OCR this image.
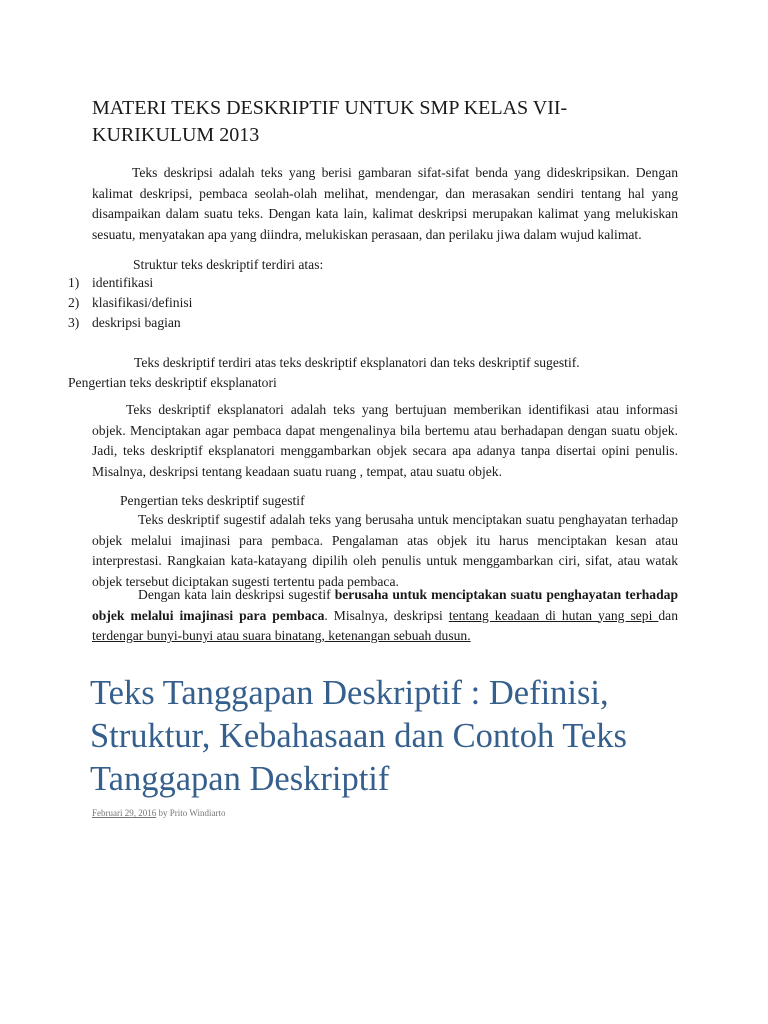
MATERI TEKS DESKRIPTIF UNTUK SMP KELAS VII-KURIKULUM 2013

Teks deskripsi adalah teks yang berisi gambaran sifat-sifat benda yang dideskripsikan. Dengan kalimat deskripsi, pembaca seolah-olah melihat, mendengar, dan merasakan sendiri tentang hal yang disampaikan dalam suatu teks. Dengan kata lain, kalimat deskripsi merupakan kalimat yang melukiskan sesuatu, menyatakan apa yang diindra, melukiskan perasaan, dan perilaku jiwa dalam wujud kalimat.

Struktur teks deskriptif terdiri atas:

1) identifikasi
2) klasifikasi/definisi
3) deskripsi bagian

Teks deskriptif terdiri atas teks deskriptif eksplanatori dan teks deskriptif sugestif.

Pengertian teks deskriptif eksplanatori

Teks deskriptif eksplanatori adalah teks yang bertujuan memberikan identifikasi atau informasi objek. Menciptakan agar pembaca dapat mengenalinya bila bertemu atau berhadapan dengan suatu objek. Jadi, teks deskriptif eksplanatori menggambarkan objek secara apa adanya tanpa disertai opini penulis. Misalnya, deskripsi tentang keadaan suatu ruang , tempat, atau suatu objek.

Pengertian teks deskriptif sugestif

Teks deskriptif sugestif adalah teks yang berusaha untuk menciptakan suatu penghayatan terhadap objek melalui imajinasi para pembaca. Pengalaman atas objek itu harus menciptakan kesan atau interprestasi. Rangkaian kata-katayang dipilih oleh penulis untuk menggambarkan ciri, sifat, atau watak objek tersebut diciptakan sugesti tertentu pada pembaca.

Dengan kata lain deskripsi sugestif berusaha untuk menciptakan suatu penghayatan terhadap objek melalui imajinasi para pembaca. Misalnya, deskripsi tentang keadaan di hutan yang sepi dan terdengar bunyi-bunyi atau suara binatang, ketenangan sebuah dusun.

Teks Tanggapan Deskriptif : Definisi, Struktur, Kebahasaan dan Contoh Teks Tanggapan Deskriptif
Februari 29, 2016 by Prito Windiarto
